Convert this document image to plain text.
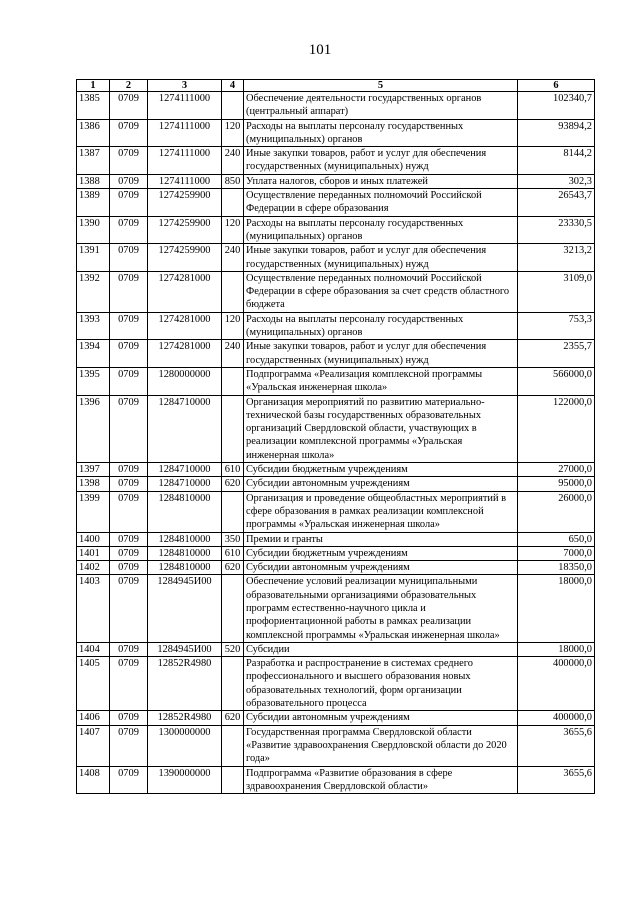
101
1	2	3	4	5	6
1385	0709	1274111000		Обеспечение деятельности государственных органов (центральный аппарат)	102340,7
1386	0709	1274111000	120	Расходы на выплаты персоналу государственных (муниципальных) органов	93894,2
1387	0709	1274111000	240	Иные закупки товаров, работ и услуг для обеспечения государственных (муниципальных) нужд	8144,2
1388	0709	1274111000	850	Уплата налогов, сборов и иных платежей	302,3
1389	0709	1274259900		Осуществление переданных полномочий Российской Федерации в сфере образования	26543,7
1390	0709	1274259900	120	Расходы на выплаты персоналу государственных (муниципальных) органов	23330,5
1391	0709	1274259900	240	Иные закупки товаров, работ и услуг для обеспечения государственных (муниципальных) нужд	3213,2
1392	0709	1274281000		Осуществление переданных полномочий Российской Федерации в сфере образования за счет средств областного бюджета	3109,0
1393	0709	1274281000	120	Расходы на выплаты персоналу государственных (муниципальных) органов	753,3
1394	0709	1274281000	240	Иные закупки товаров, работ и услуг для обеспечения государственных (муниципальных) нужд	2355,7
1395	0709	1280000000		Подпрограмма «Реализация комплексной программы «Уральская инженерная школа»	566000,0
1396	0709	1284710000		Организация мероприятий по развитию материально-технической базы государственных образовательных организаций Свердловской области, участвующих в реализации комплексной программы «Уральская инженерная школа»	122000,0
1397	0709	1284710000	610	Субсидии бюджетным учреждениям	27000,0
1398	0709	1284710000	620	Субсидии автономным учреждениям	95000,0
1399	0709	1284810000		Организация и проведение общеобластных мероприятий в сфере образования в рамках реализации комплексной программы «Уральская инженерная школа»	26000,0
1400	0709	1284810000	350	Премии и гранты	650,0
1401	0709	1284810000	610	Субсидии бюджетным учреждениям	7000,0
1402	0709	1284810000	620	Субсидии автономным учреждениям	18350,0
1403	0709	1284945И00		Обеспечение условий реализации муниципальными образовательными организациями образовательных программ естественно-научного цикла и профориентационной работы в рамках реализации комплексной программы «Уральская инженерная школа»	18000,0
1404	0709	1284945И00	520	Субсидии	18000,0
1405	0709	12852R4980		Разработка и распространение в системах среднего профессионального и высшего образования новых образовательных технологий, форм организации образовательного процесса	400000,0
1406	0709	12852R4980	620	Субсидии автономным учреждениям	400000,0
1407	0709	1300000000		Государственная программа Свердловской области «Развитие здравоохранения Свердловской области до 2020 года»	3655,6
1408	0709	1390000000		Подпрограмма «Развитие образования в сфере здравоохранения Свердловской области»	3655,6
